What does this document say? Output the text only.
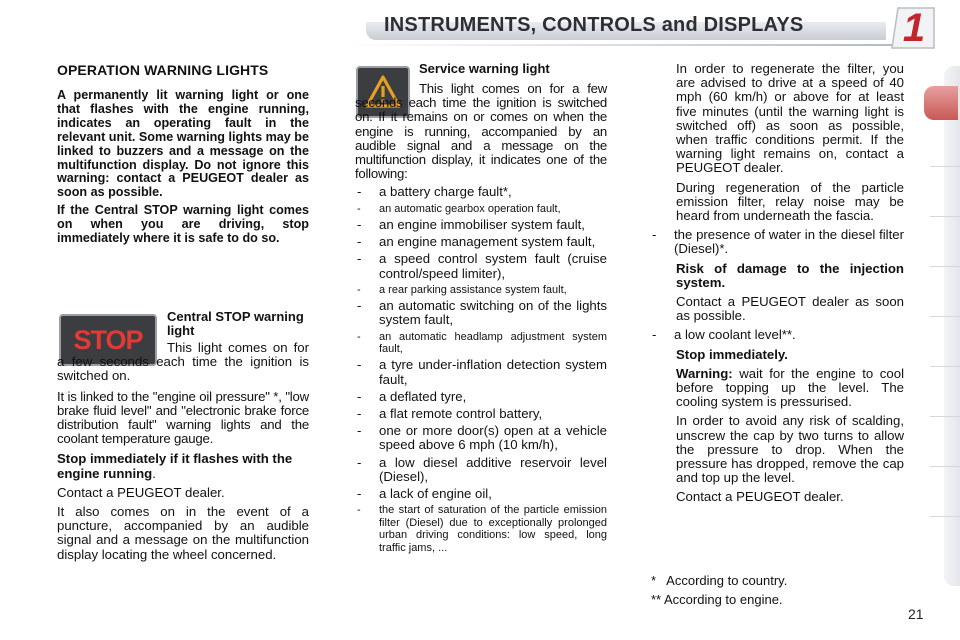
INSTRUMENTS, CONTROLS and DISPLAYS	1

OPERATION WARNING LIGHTS

A permanently lit warning light or one that flashes with the engine running, indicates an operating fault in the relevant unit. Some warning lights may be linked to buzzers and a message on the multifunction display. Do not ignore this warning: contact a PEUGEOT dealer as soon as possible.

If the Central STOP warning light comes on when you are driving, stop immediately where it is safe to do so.

STOP

Central STOP warning light

This light comes on for a few seconds each time the ignition is switched on.

It is linked to the "engine oil pressure" *, "low brake fluid level" and "electronic brake force distribution fault" warning lights and the coolant temperature gauge.

Stop immediately if it flashes with the engine running.

Contact a PEUGEOT dealer.

It also comes on in the event of a puncture, accompanied by an audible signal and a message on the multifunction display locating the wheel concerned.

Service warning light

This light comes on for a few seconds each time the ignition is switched on. If it remains on or comes on when the engine is running, accompanied by an audible signal and a message on the multifunction display, it indicates one of the following:

- a battery charge fault*,
- an automatic gearbox operation fault,
- an engine immobiliser system fault,
- an engine management system fault,
- a speed control system fault (cruise control/speed limiter),
- a rear parking assistance system fault,
- an automatic switching on of the lights system fault,
- an automatic headlamp adjustment system fault,
- a tyre under-inflation detection system fault,
- a deflated tyre,
- a flat remote control battery,
- one or more door(s) open at a vehicle speed above 6 mph (10 km/h),
- a low diesel additive reservoir level (Diesel),
- a lack of engine oil,
- the start of saturation of the particle emission filter (Diesel) due to exceptionally prolonged urban driving conditions: low speed, long traffic jams, ...

In order to regenerate the filter, you are advised to drive at a speed of 40 mph (60 km/h) or above for at least five minutes (until the warning light is switched off) as soon as possible, when traffic conditions permit. If the warning light remains on, contact a PEUGEOT dealer.

During regeneration of the particle emission filter, relay noise may be heard from underneath the fascia.

- the presence of water in the diesel filter (Diesel)*.

Risk of damage to the injection system.

Contact a PEUGEOT dealer as soon as possible.

- a low coolant level**.

Stop immediately.

Warning: wait for the engine to cool before topping up the level. The cooling system is pressurised.

In order to avoid any risk of scalding, unscrew the cap by two turns to allow the pressure to drop. When the pressure has dropped, remove the cap and top up the level.

Contact a PEUGEOT dealer.

*   According to country.
** According to engine.
21
